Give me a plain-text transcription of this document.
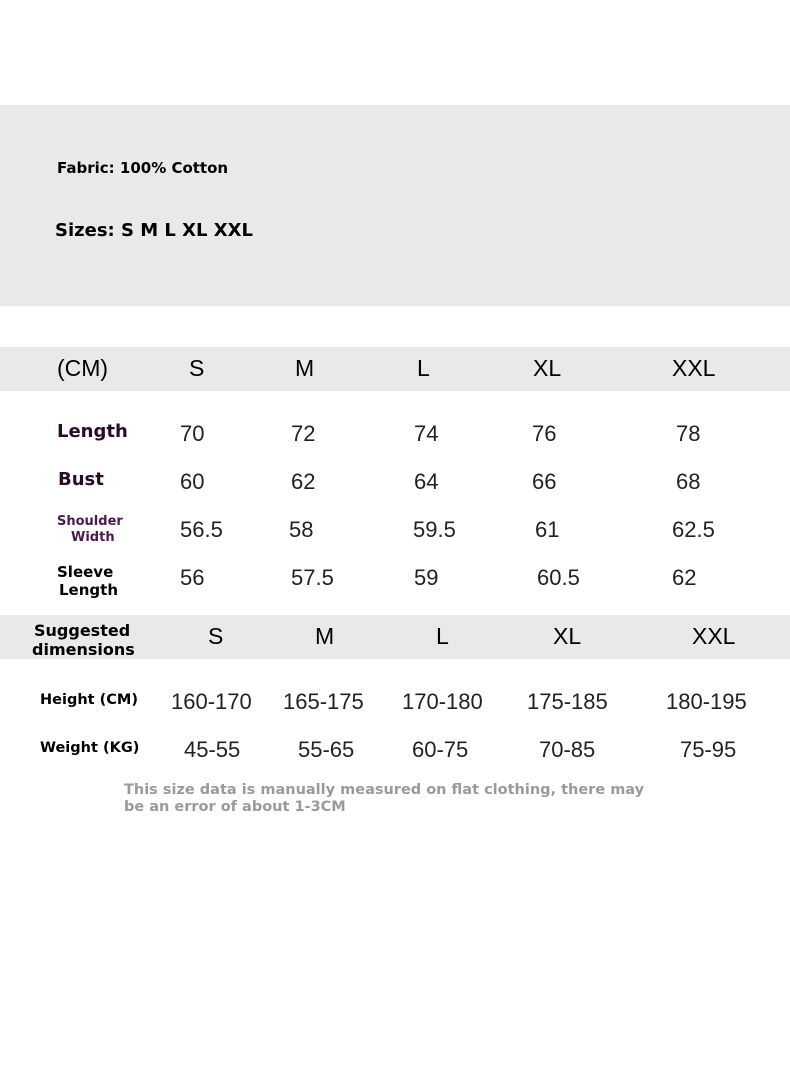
Fabric: 100% Cotton
Sizes: S M L XL XXL
(CM)	S	M	L	XL	XXL
Length 70	72	74	76	78
Bust	60	62	64	66	68
Shoulder
Width	56.5	58	59.5	61	62.5
Sleeve
Length	56	57.5	59	60.5	62
Suggested
dimensions
S	M	L	XL	XXL
Height (CM) 160-170 165-175 170-180 175-185	180-195
Weight (KG) 45-55	55-65	60-75	70-85	75-95
This size data is manually measured on flat clothing, there may be an error of about 1-3CM
